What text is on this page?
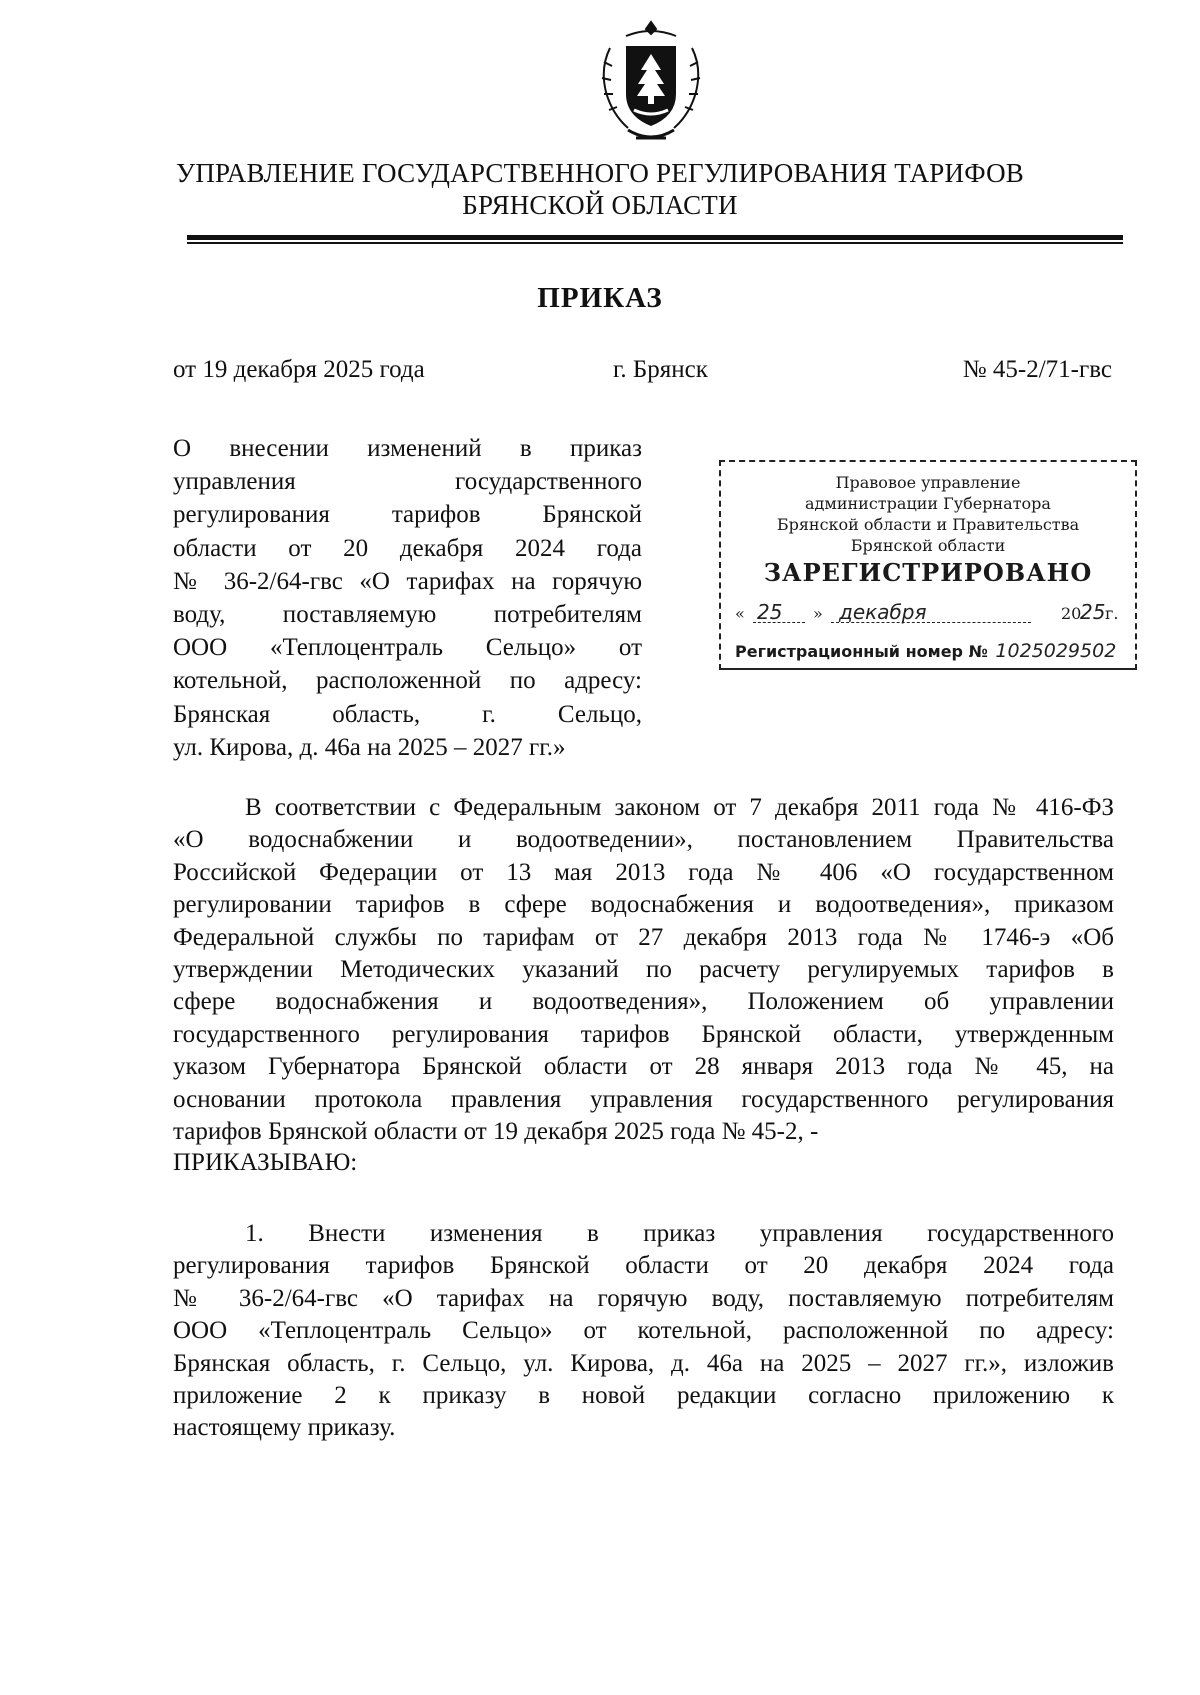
УПРАВЛЕНИЕ ГОСУДАРСТВЕННОГО РЕГУЛИРОВАНИЯ ТАРИФОВ
БРЯНСКОЙ ОБЛАСТИ
ПРИКАЗ
от 19 декабря 2025 года	г. Брянск	№ 45-2/71-гвс
О внесении изменений в приказ
управления государственного
регулирования тарифов Брянской
области от 20 декабря 2024 года
№ 36-2/64-гвс «О тарифах на горячую
воду, поставляемую потребителям
ООО «Теплоцентраль Сельцо» от
котельной, расположенной по адресу:
Брянская область, г. Сельцо,
ул. Кирова, д. 46а на 2025 – 2027 гг.»
Правовое управление
администрации Губернатора
Брянской области и Правительства
Брянской области
ЗАРЕГИСТРИРОВАНО
« 25 » декабря	20
25 г.
Регистрационный номер № 1025029502
В соответствии с Федеральным законом от 7 декабря 2011 года № 416-ФЗ
«О водоснабжении и водоотведении», постановлением Правительства
Российской Федерации от 13 мая 2013 года № 406 «О государственном
регулировании тарифов в сфере водоснабжения и водоотведения», приказом
Федеральной службы по тарифам от 27 декабря 2013 года № 1746-э «Об
утверждении Методических указаний по расчету регулируемых тарифов в
сфере водоснабжения и водоотведения», Положением об управлении
государственного регулирования тарифов Брянской области, утвержденным
указом Губернатора Брянской области от 28 января 2013 года № 45, на
основании протокола правления управления государственного регулирования
тарифов Брянской области от 19 декабря 2025 года № 45-2, -
ПРИКАЗЫВАЮ:
1. Внести изменения в приказ управления государственного
регулирования тарифов Брянской области от 20 декабря 2024 года
№ 36-2/64-гвс «О тарифах на горячую воду, поставляемую потребителям
ООО «Теплоцентраль Сельцо» от котельной, расположенной по адресу:
Брянская область, г. Сельцо, ул. Кирова, д. 46а на 2025 – 2027 гг.», изложив
приложение 2 к приказу в новой редакции согласно приложению к
настоящему приказу.
